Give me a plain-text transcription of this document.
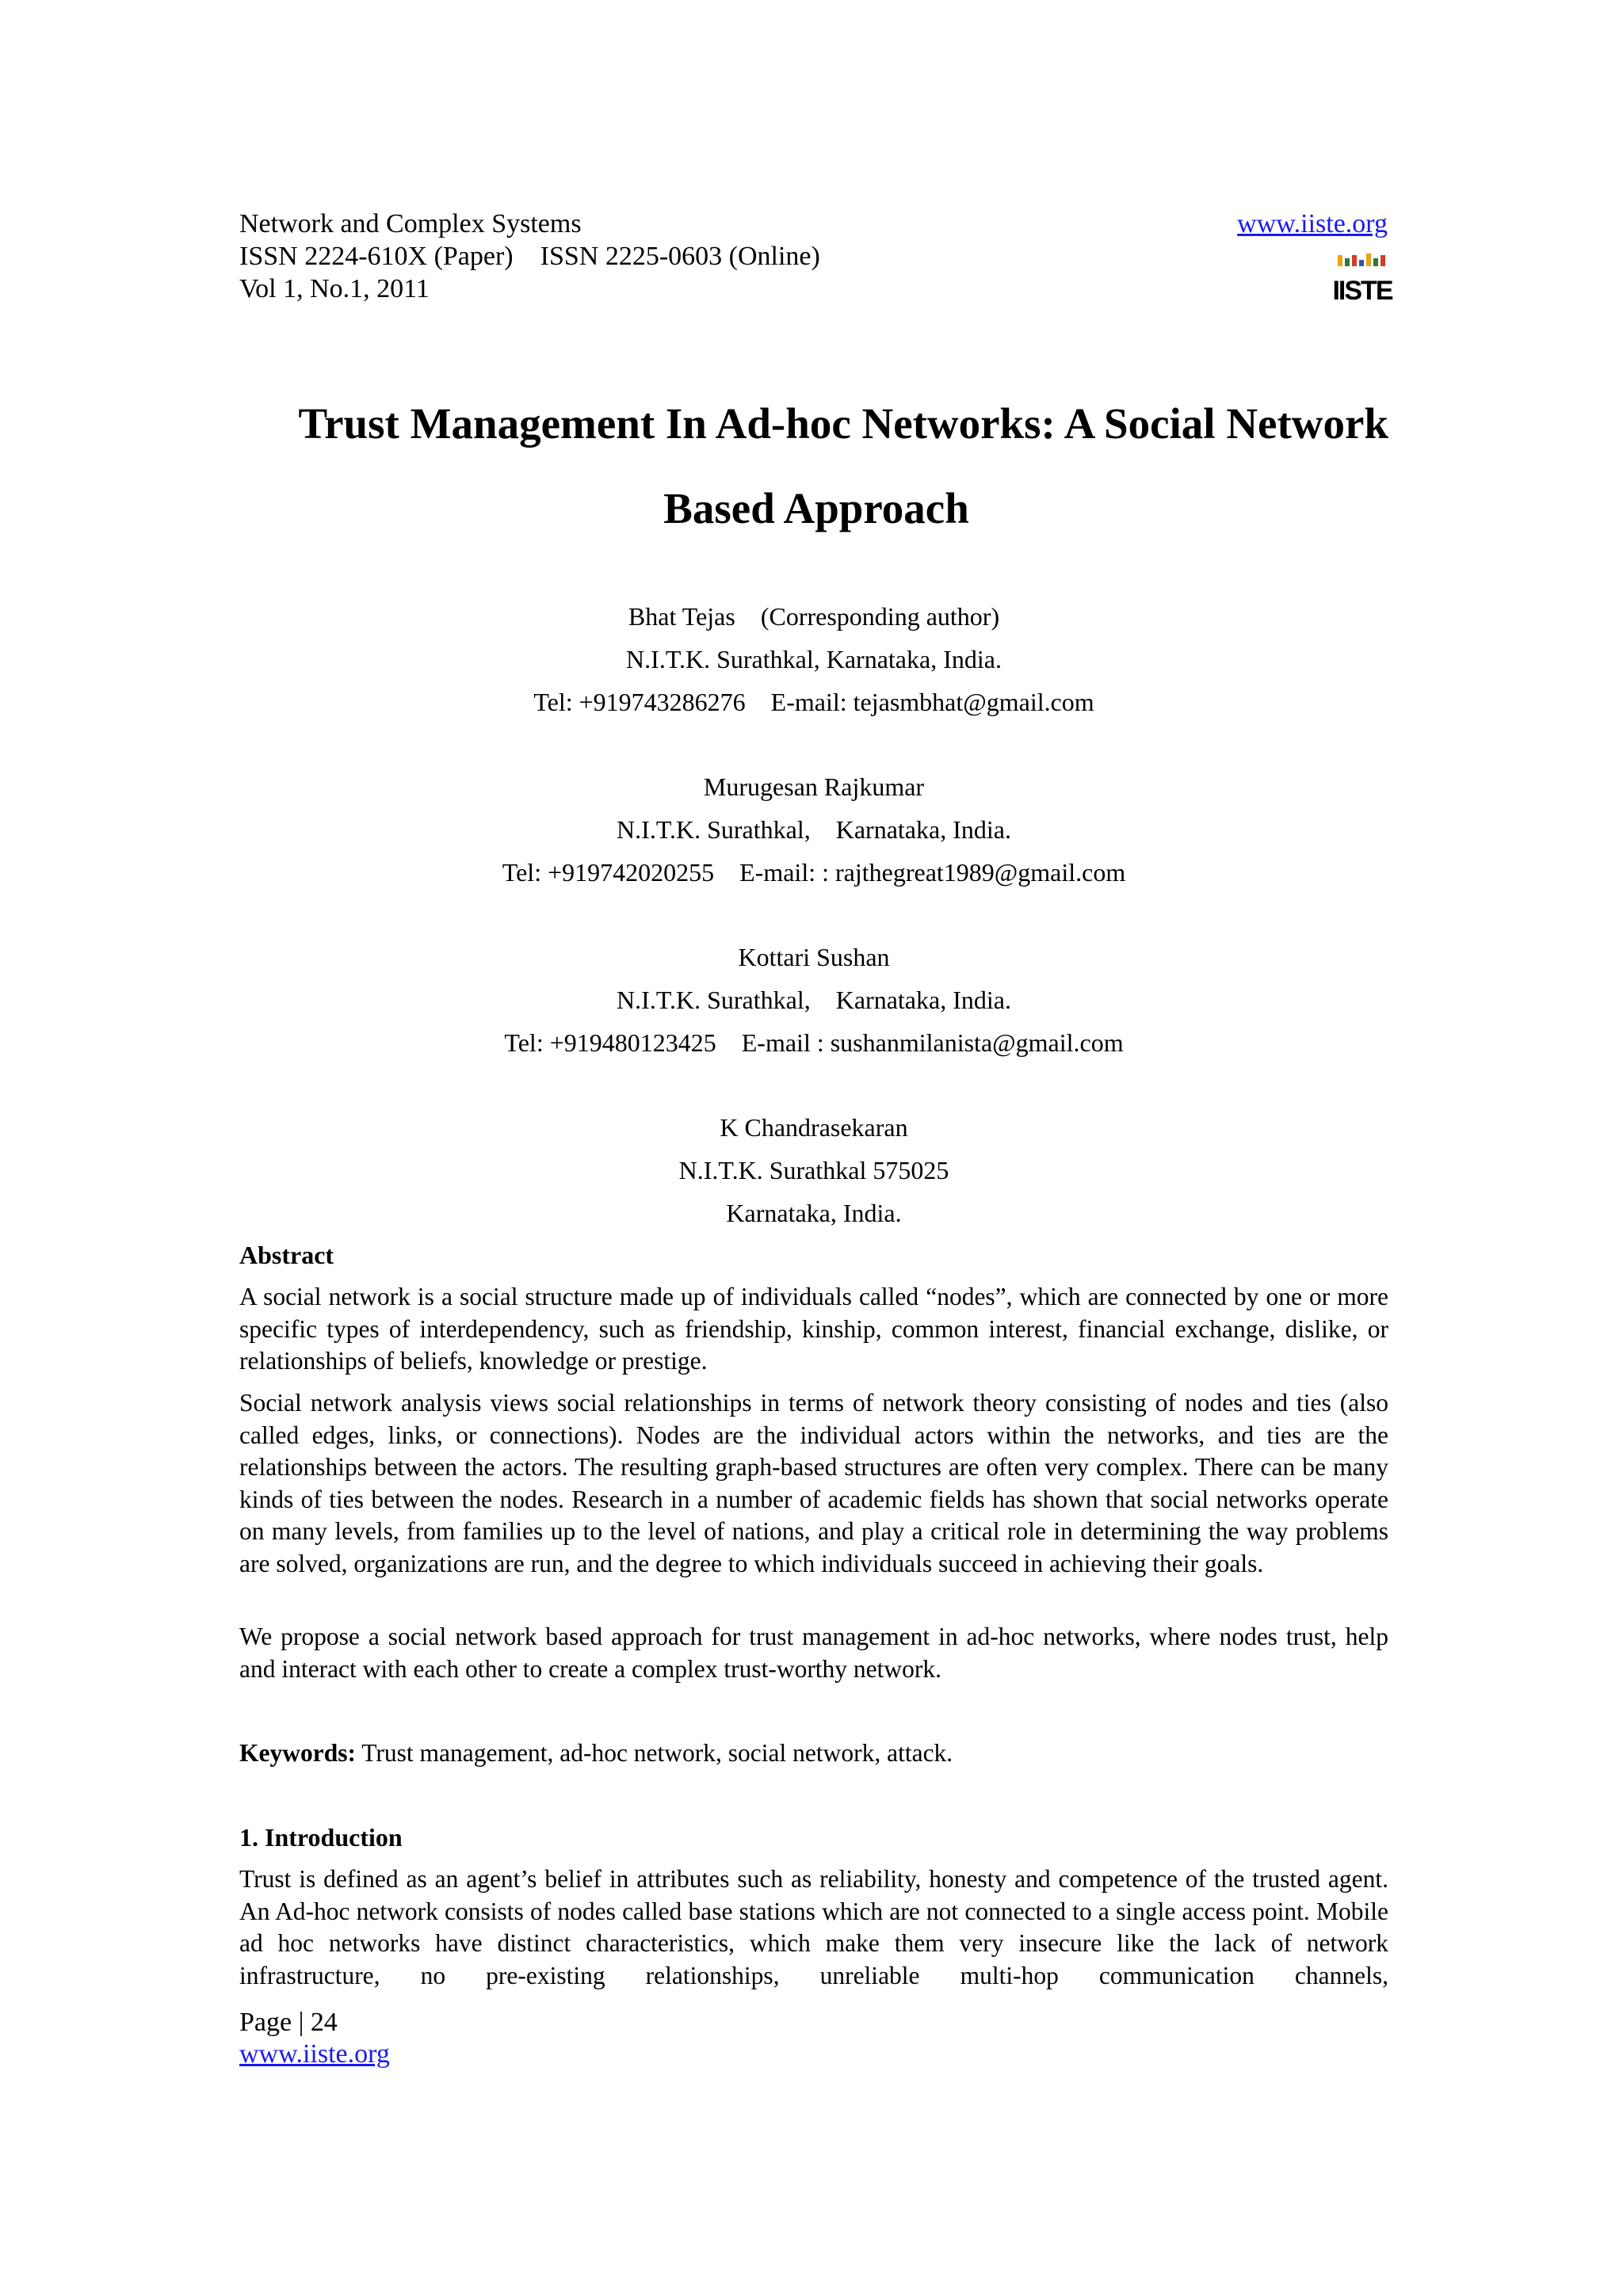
Network and Complex Systems
ISSN 2224-610X (Paper) ISSN 2225-0603 (Online)
Vol 1, No.1, 2011
www.iiste.org
IISTE
Trust Management In Ad-hoc Networks: A Social Network
Based Approach
Bhat Tejas    (Corresponding author)
N.I.T.K. Surathkal, Karnataka, India.
Tel: +919743286276    E-mail: tejasmbhat@gmail.com
Murugesan Rajkumar
N.I.T.K. Surathkal,    Karnataka, India.
Tel: +919742020255    E-mail: : rajthegreat1989@gmail.com
Kottari Sushan
N.I.T.K. Surathkal,    Karnataka, India.
Tel: +919480123425    E-mail : sushanmilanista@gmail.com
K Chandrasekaran
N.I.T.K. Surathkal 575025
Karnataka, India.
Abstract

A social network is a social structure made up of individuals called “nodes”, which are connected by one or more specific types of interdependency, such as friendship, kinship, common interest, financial exchange, dislike, or relationships of beliefs, knowledge or prestige.

Social network analysis views social relationships in terms of network theory consisting of nodes and ties (also called edges, links, or connections). Nodes are the individual actors within the networks, and ties are the relationships between the actors. The resulting graph-based structures are often very complex. There can be many kinds of ties between the nodes. Research in a number of academic fields has shown that social networks operate on many levels, from families up to the level of nations, and play a critical role in determining the way problems are solved, organizations are run, and the degree to which individuals succeed in achieving their goals.

We propose a social network based approach for trust management in ad-hoc networks, where nodes trust, help and interact with each other to create a complex trust-worthy network.

Keywords: Trust management, ad-hoc network, social network, attack.
1. Introduction

Trust is defined as an agent’s belief in attributes such as reliability, honesty and competence of the trusted agent. An Ad-hoc network consists of nodes called base stations which are not connected to a single access point. Mobile ad hoc networks have distinct characteristics, which make them very insecure like the lack of network infrastructure, no pre-existing relationships, unreliable multi-hop communication channels,

Page | 24
www.iiste.org
